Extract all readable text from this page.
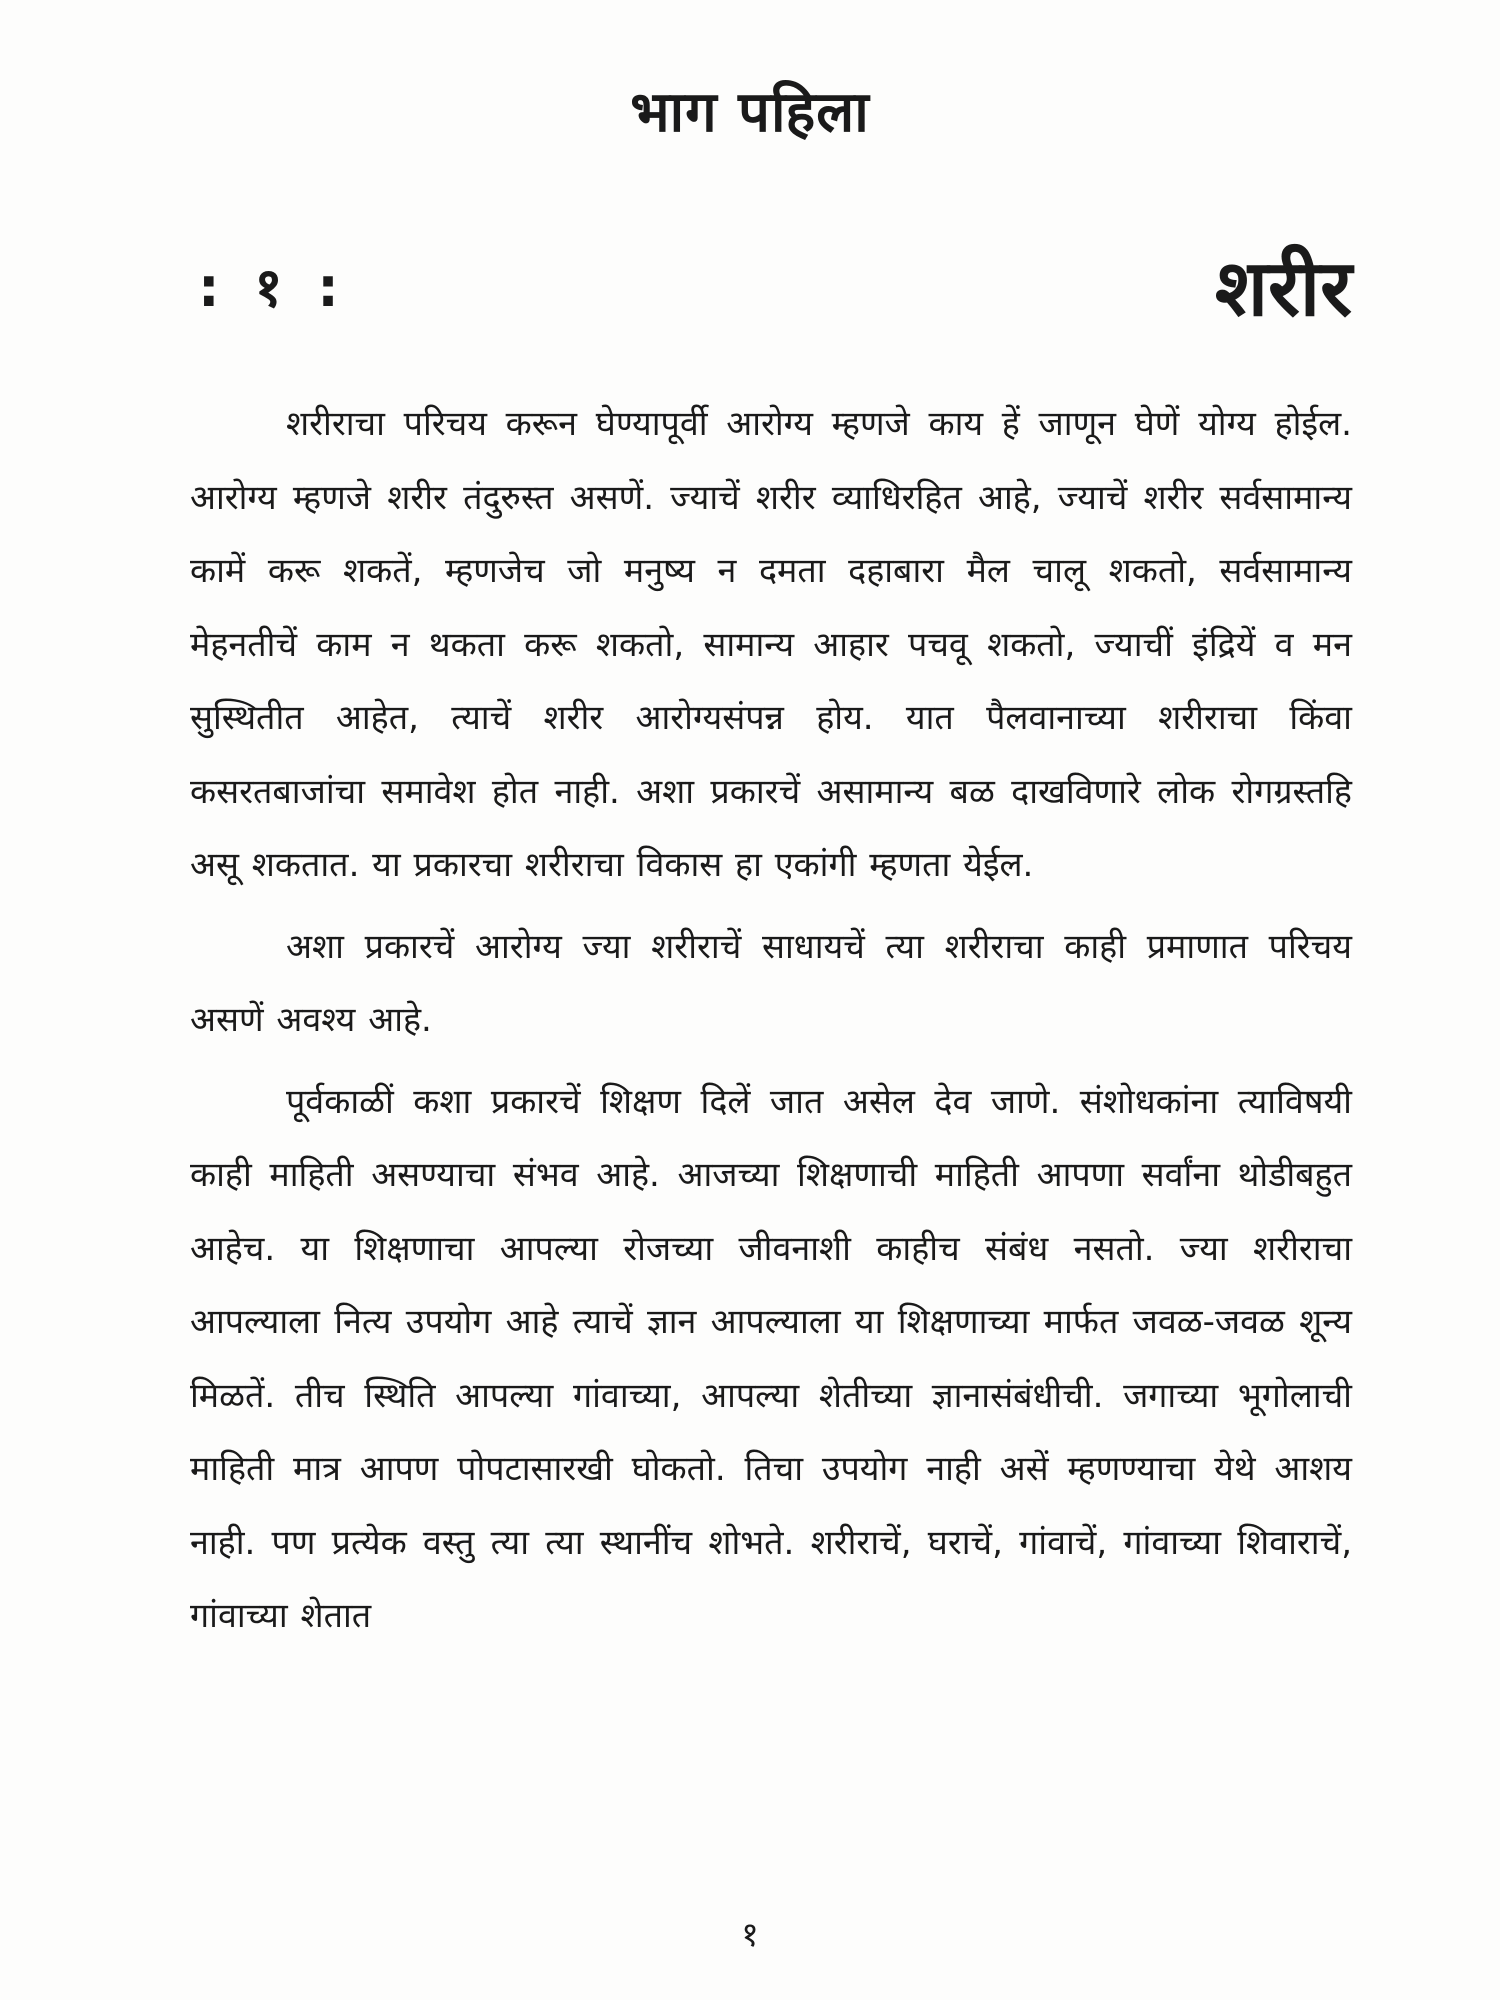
भाग पहिला
: १ :	शरीर

शरीराचा परिचय करून घेण्यापूर्वी आरोग्य म्हणजे काय हें जाणून घेणें योग्य होईल. आरोग्य म्हणजे शरीर तंदुरुस्त असणें. ज्याचें शरीर व्याधिरहित आहे, ज्याचें शरीर सर्वसामान्य कामें करू शकतें, म्हणजेच जो मनुष्य न दमता दहाबारा मैल चालू शकतो, सर्वसामान्य मेहनतीचें काम न थकता करू शकतो, सामान्य आहार पचवू शकतो, ज्याचीं इंद्रियें व मन सुस्थितीत आहेत, त्याचें शरीर आरोग्यसंपन्न होय. यात पैलवानाच्या शरीराचा किंवा कसरतबाजांचा समावेश होत नाही. अशा प्रकारचें असामान्य बळ दाखविणारे लोक रोगग्रस्तहि असू शकतात. या प्रकारचा शरीराचा विकास हा एकांगी म्हणता येईल.

अशा प्रकारचें आरोग्य ज्या शरीराचें साधायचें त्या शरीराचा काही प्रमाणात परिचय असणें अवश्य आहे.

पूर्वकाळीं कशा प्रकारचें शिक्षण दिलें जात असेल देव जाणे. संशोधकांना त्याविषयी काही माहिती असण्याचा संभव आहे. आजच्या शिक्षणाची माहिती आपणा सर्वांना थोडीबहुत आहेच. या शिक्षणाचा आपल्या रोजच्या जीवनाशी काहीच संबंध नसतो. ज्या शरीराचा आपल्याला नित्य उपयोग आहे त्याचें ज्ञान आपल्याला या शिक्षणाच्या मार्फत जवळ-जवळ शून्य मिळतें. तीच स्थिति आपल्या गांवाच्या, आपल्या शेतीच्या ज्ञानासंबंधीची. जगाच्या भूगोलाची माहिती मात्र आपण पोपटासारखी घोकतो. तिचा उपयोग नाही असें म्हणण्याचा येथे आशय नाही. पण प्रत्येक वस्तु त्या त्या स्थानींच शोभते. शरीराचें, घराचें, गांवाचें, गांवाच्या शिवाराचें, गांवाच्या शेतात

१
